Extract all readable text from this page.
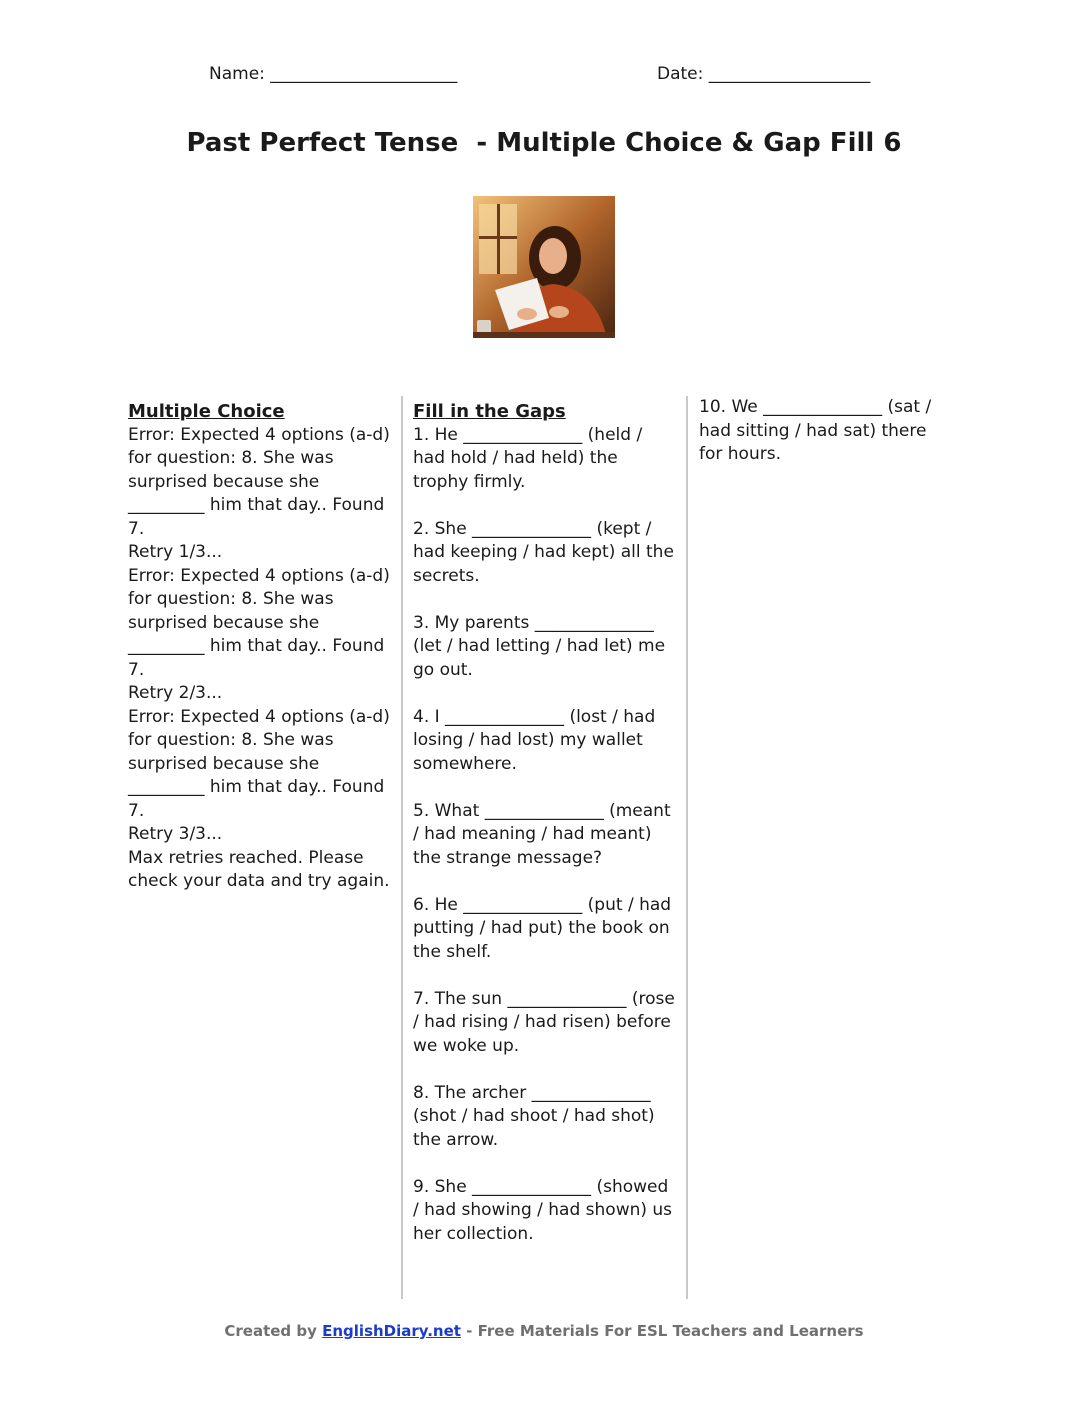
Name: ______________________	Date: ___________________
Past Perfect Tense  - Multiple Choice & Gap Fill 6
Multiple Choice
Error: Expected 4 options (a-d) for question: 8. She was surprised because she _________ him that day.. Found 7.
Retry 1/3...
Error: Expected 4 options (a-d) for question: 8. She was surprised because she _________ him that day.. Found 7.
Retry 2/3...
Error: Expected 4 options (a-d) for question: 8. She was surprised because she _________ him that day.. Found 7.
Retry 3/3...
Max retries reached. Please check your data and try again.
Fill in the Gaps
1. He ______________ (held / had hold / had held) the trophy firmly.
2. She ______________ (kept / had keeping / had kept) all the secrets.
3. My parents ______________ (let / had letting / had let) me go out.
4. I ______________ (lost / had losing / had lost) my wallet somewhere.
5. What ______________ (meant / had meaning / had meant) the strange message?
6. He ______________ (put / had putting / had put) the book on the shelf.
7. The sun ______________ (rose / had rising / had risen) before we woke up.
8. The archer ______________ (shot / had shoot / had shot) the arrow.
9. She ______________ (showed / had showing / had shown) us her collection.
10. We ______________ (sat / had sitting / had sat) there for hours.
Created by EnglishDiary.net - Free Materials For ESL Teachers and Learners
